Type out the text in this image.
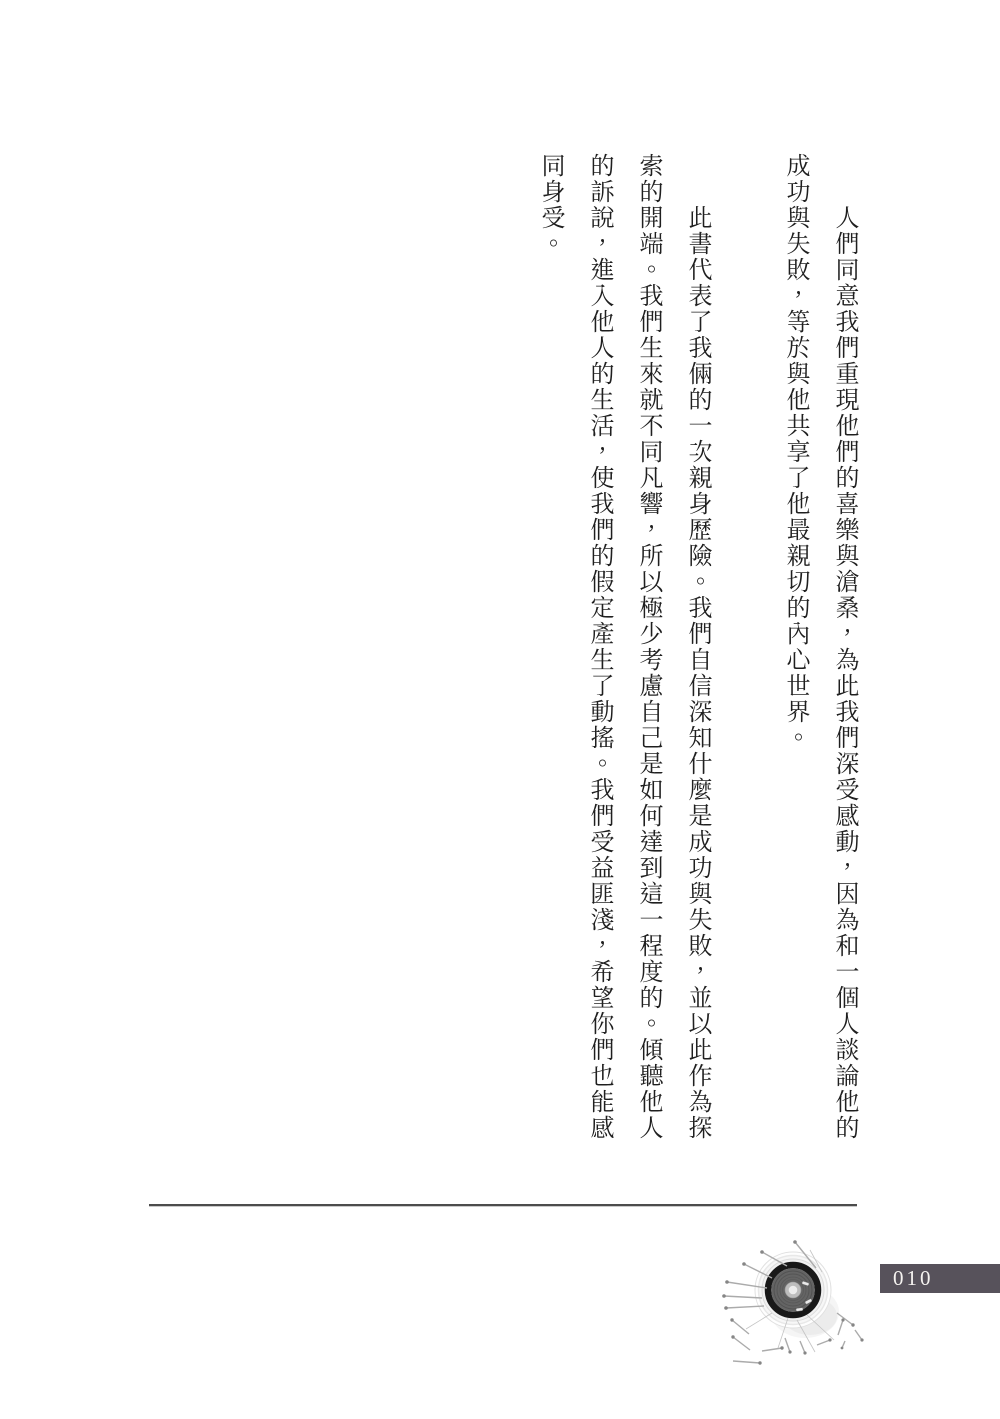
人們同意我們重現他們的喜樂與滄桑，為此我們深受感動，因為和一個人談論他的成功與失敗，等於與他共享了他最親切的內心世界。

此書代表了我倆的一次親身歷險。我們自信深知什麼是成功與失敗，並以此作為探索的開端。我們生來就不同凡響，所以極少考慮自己是如何達到這一程度的。傾聽他人的訴說，進入他人的生活，使我們的假定產生了動搖。我們受益匪淺，希望你們也能感同身受。

010
